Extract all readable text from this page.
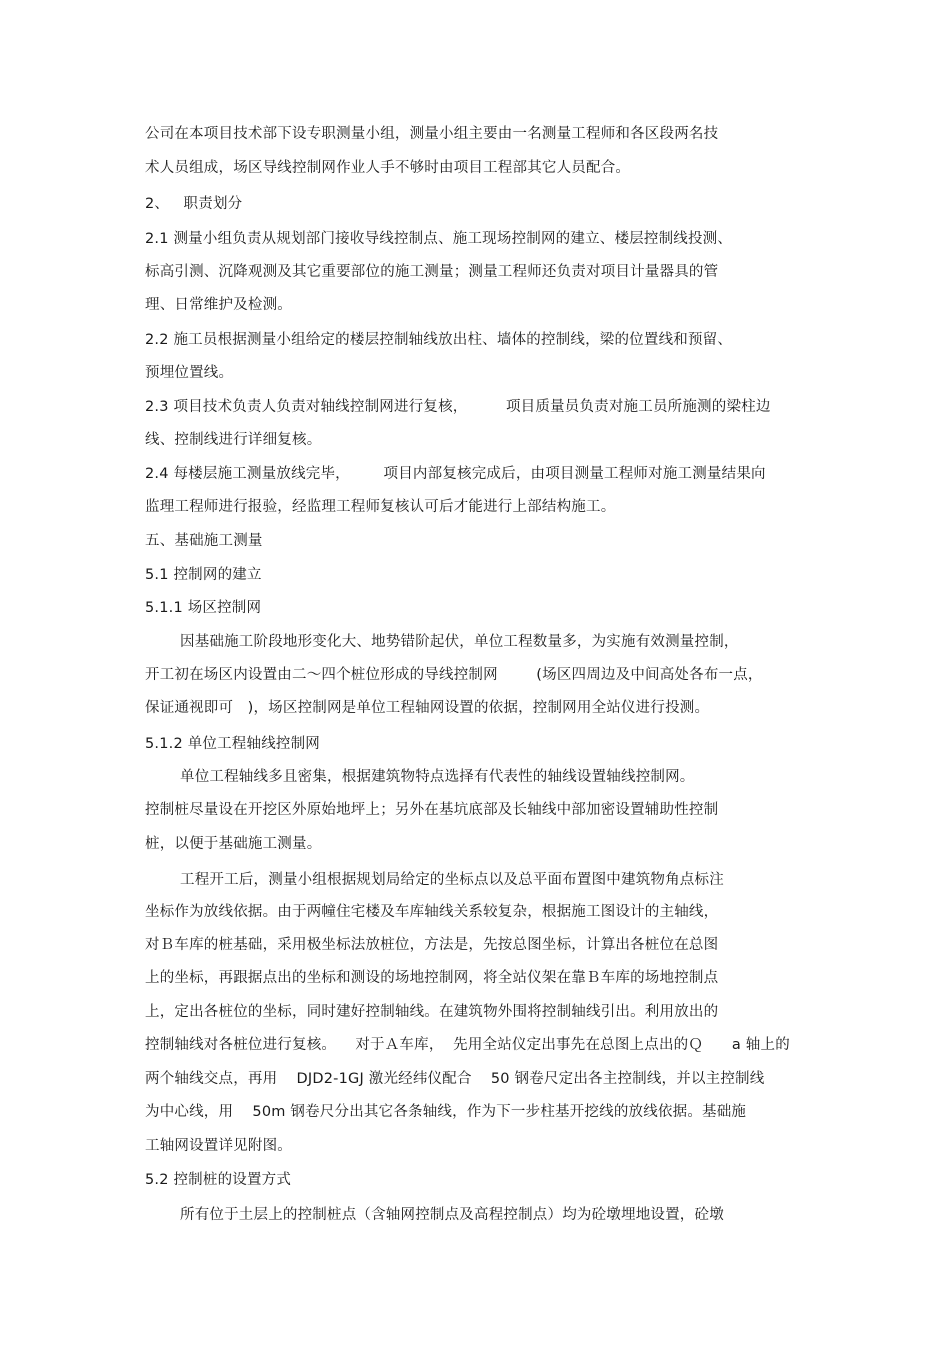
公司在本项目技术部下设专职测量小组，测量小组主要由一名测量工程师和各区段两名技
术人员组成，场区导线控制网作业人手不够时由项目工程部其它人员配合。
2、   职责划分
2.1 测量小组负责从规划部门接收导线控制点、施工现场控制网的建立、楼层控制线投测、
标高引测、沉降观测及其它重要部位的施工测量；测量工程师还负责对项目计量器具的管
理、日常维护及检测。
2.2 施工员根据测量小组给定的楼层控制轴线放出柱、墙体的控制线，梁的位置线和预留、
预埋位置线。
2.3 项目技术负责人负责对轴线控制网进行复核，        项目质量员负责对施工员所施测的梁柱边
线、控制线进行详细复核。
2.4 每楼层施工测量放线完毕，       项目内部复核完成后，由项目测量工程师对施工测量结果向
监理工程师进行报验，经监理工程师复核认可后才能进行上部结构施工。
五、基础施工测量
5.1 控制网的建立
5.1.1 场区控制网
因基础施工阶段地形变化大、地势错阶起伏，单位工程数量多，为实施有效测量控制，
开工初在场区内设置由二～四个桩位形成的导线控制网        (场区四周边及中间高处各布一点，
保证通视即可   )，场区控制网是单位工程轴网设置的依据，控制网用全站仪进行投测。
5.1.2 单位工程轴线控制网
单位工程轴线多且密集，根据建筑物特点选择有代表性的轴线设置轴线控制网。
控制桩尽量设在开挖区外原始地坪上；另外在基坑底部及长轴线中部加密设置辅助性控制
桩，以便于基础施工测量。
工程开工后，测量小组根据规划局给定的坐标点以及总平面布置图中建筑物角点标注
坐标作为放线依据。由于两幢住宅楼及车库轴线关系较复杂，根据施工图设计的主轴线，
对Ｂ车库的桩基础，采用极坐标法放桩位，方法是，先按总图坐标，计算出各桩位在总图
上的坐标，再跟据点出的坐标和测设的场地控制网，将全站仪架在靠Ｂ车库的场地控制点
上，定出各桩位的坐标，同时建好控制轴线。在建筑物外围将控制轴线引出。利用放出的
控制轴线对各桩位进行复核。    对于Ａ车库，  先用全站仪定出事先在总图上点出的Ｑ      a 轴上的
两个轴线交点，再用    DJD2-1GJ 激光经纬仪配合    50 钢卷尺定出各主控制线，并以主控制线
为中心线，用    50m 钢卷尺分出其它各条轴线，作为下一步柱基开挖线的放线依据。基础施
工轴网设置详见附图。
5.2 控制桩的设置方式
所有位于土层上的控制桩点（含轴网控制点及高程控制点）均为砼墩埋地设置，砼墩
